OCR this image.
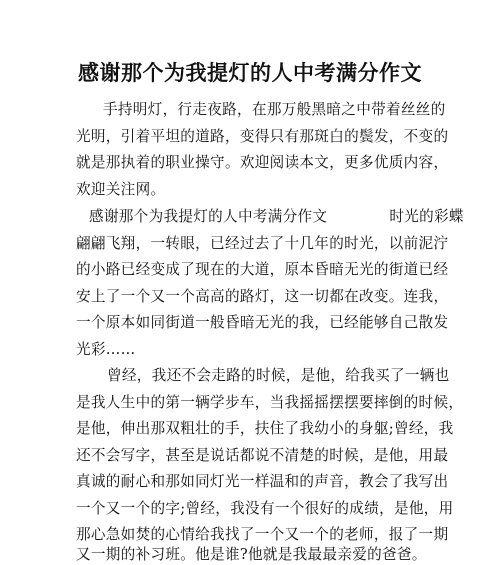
感谢那个为我提灯的人中考满分作文
手持明灯，行走夜路，在那万般黑暗之中带着丝丝的
光明，引着平坦的道路，变得只有那斑白的鬓发，不变的
就是那执着的职业操守。欢迎阅读本文，更多优质内容，
欢迎关注网。
感谢那个为我提灯的人中考满分作文	时光的彩蝶
翩翩飞翔，一转眼，已经过去了十几年的时光，以前泥泞
的小路已经变成了现在的大道，原本昏暗无光的街道已经
安上了一个又一个高高的路灯，这一切都在改变。连我，
一个原本如同街道一般昏暗无光的我，已经能够自己散发
光彩……
曾经，我还不会走路的时候，是他，给我买了一辆也
是我人生中的第一辆学步车，当我摇摇摆摆要摔倒的时候，
是他，伸出那双粗壮的手，扶住了我幼小的身躯;曾经，我
还不会写字，甚至是说话都说不清楚的时候，是他，用最
真诚的耐心和那如同灯光一样温和的声音，教会了我写出
一个又一个的字;曾经，我没有一个很好的成绩，是他，用
那心急如焚的心情给我找了一个又一个的老师，报了一期
又一期的补习班。他是谁?他就是我最最亲爱的爸爸。
